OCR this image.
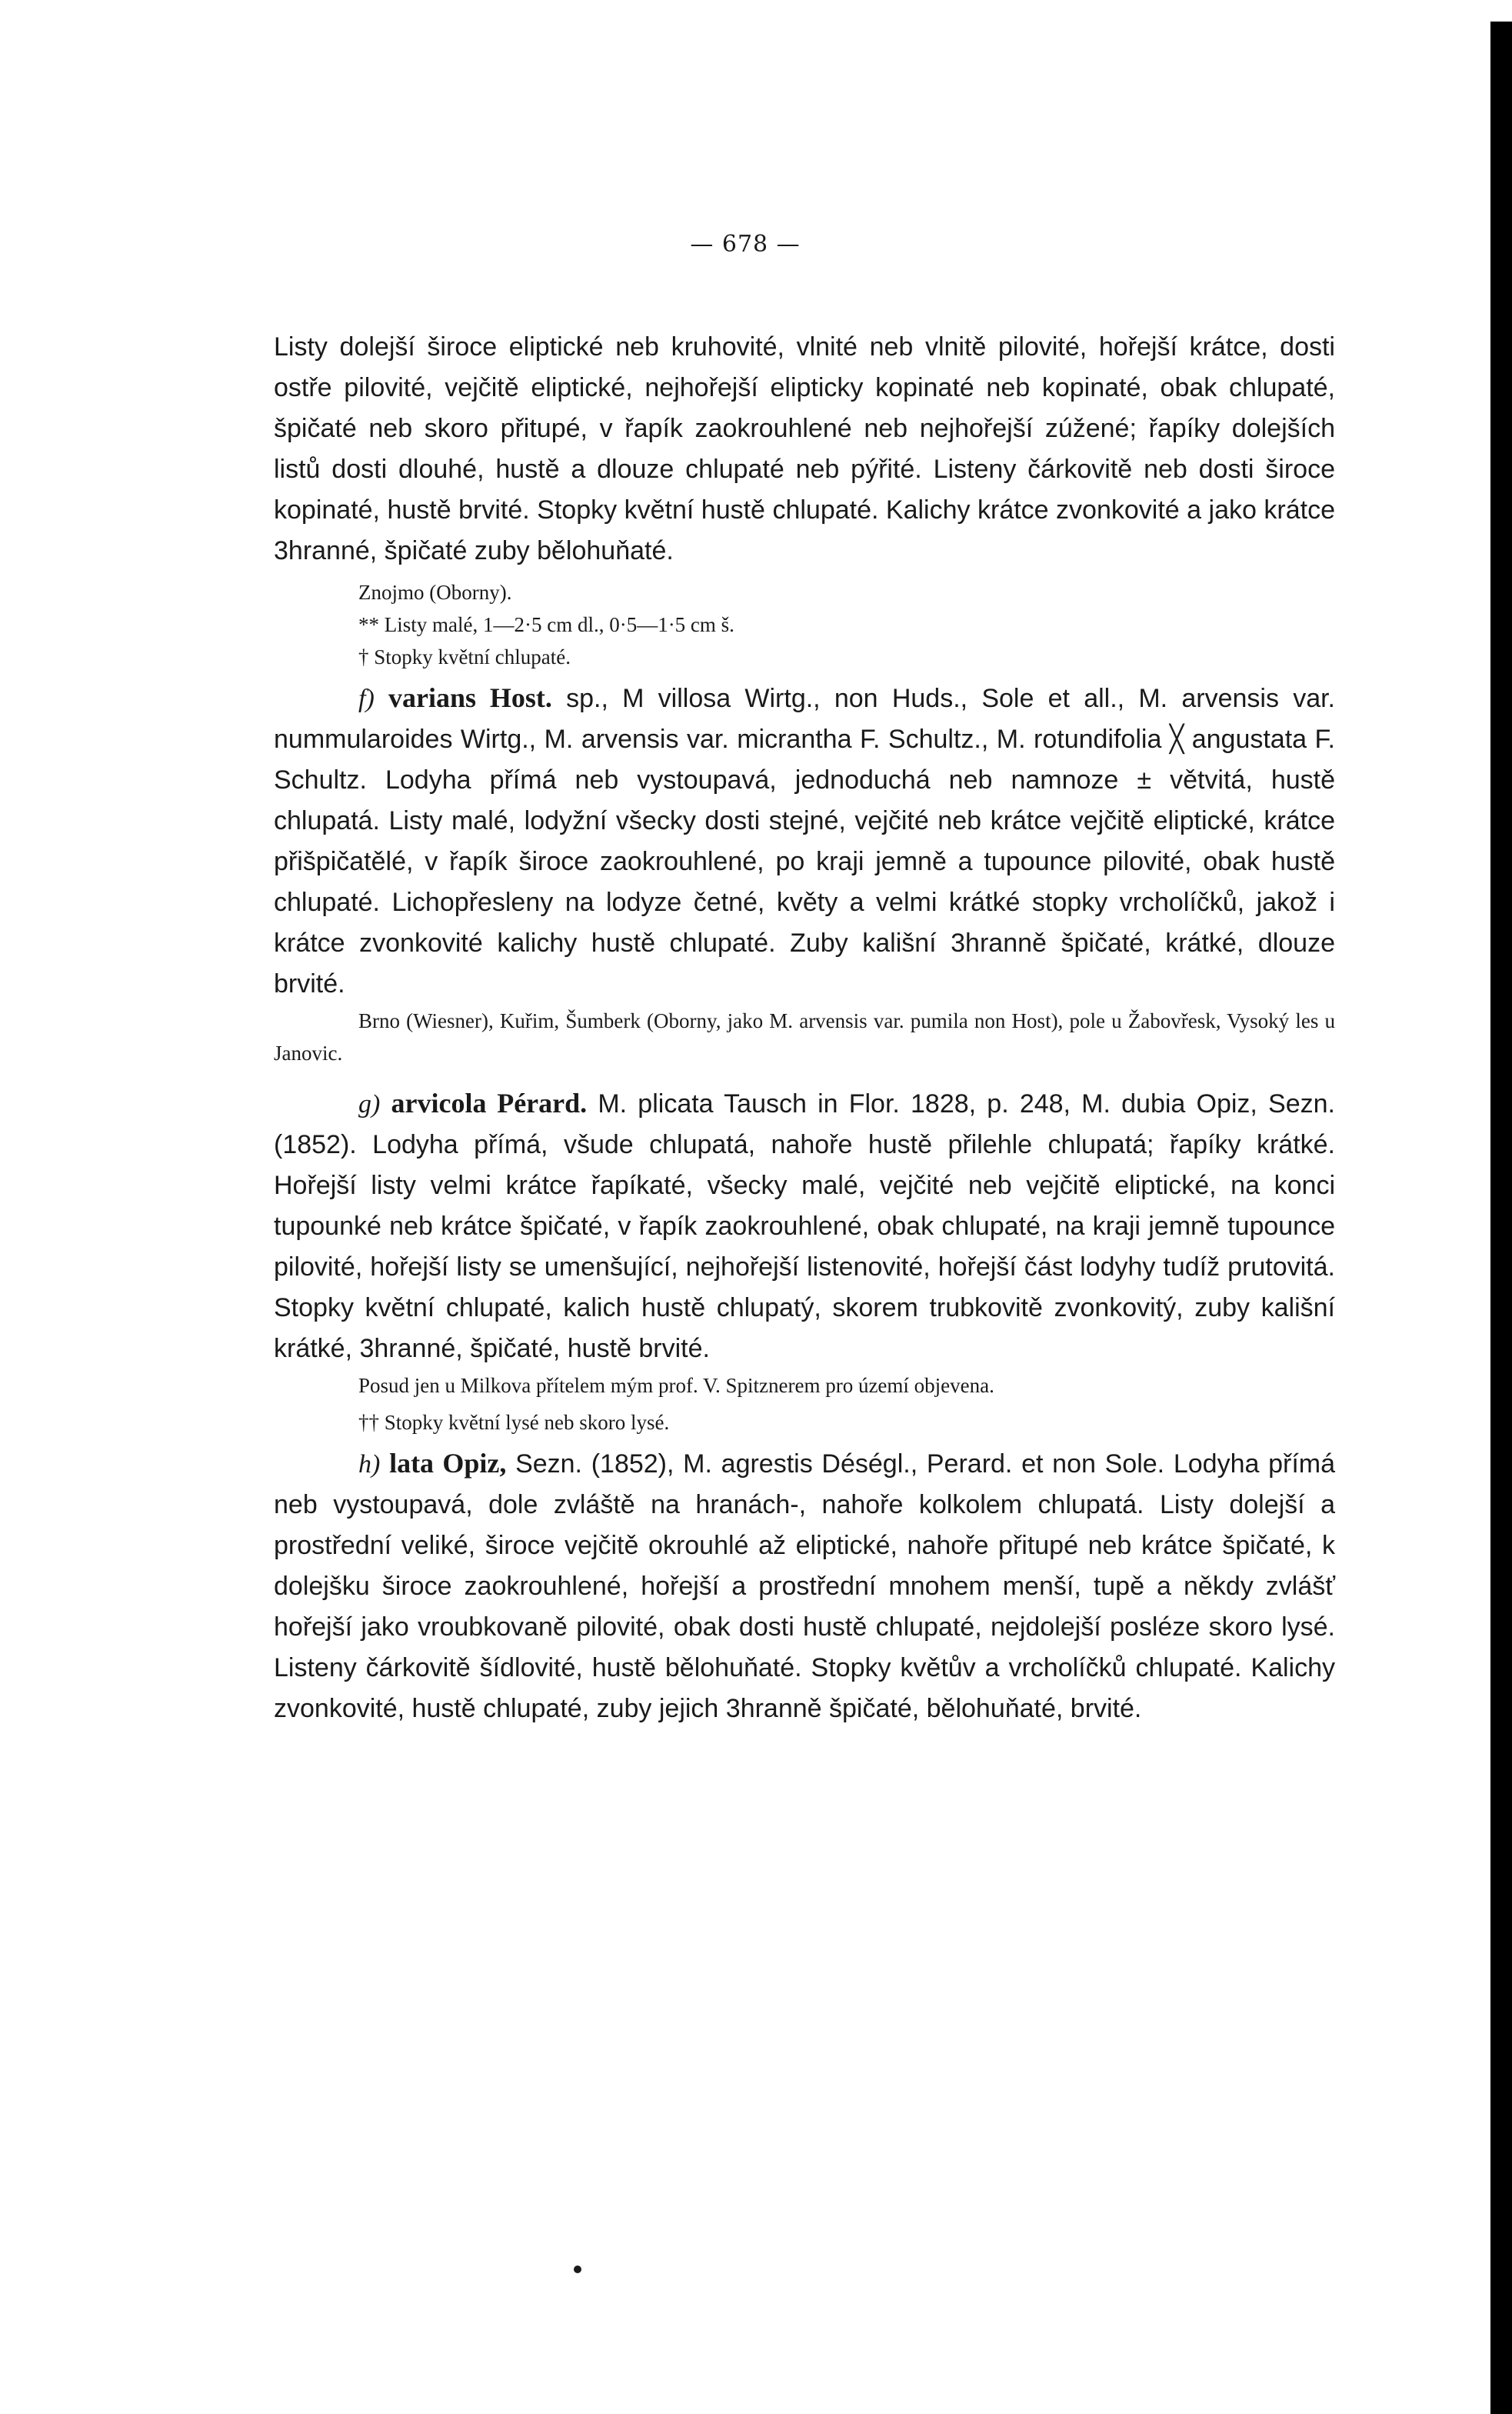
— 678 —

Listy dolejší široce eliptické neb kruhovité, vlnité neb vlnitě pilovité, hořejší krátce, dosti ostře pilovité, vejčitě eliptické, nejhořejší elipticky kopinaté neb kopinaté, obak chlupaté, špičaté neb skoro přitupé, v řapík zaokrouhlené neb nejhořejší zúžené; řapíky dolejších listů dosti dlouhé, hustě a dlouze chlupaté neb pýřité. Listeny čárkovitě neb dosti široce kopinaté, hustě brvité. Stopky květní hustě chlupaté. Kalichy krátce zvonkovité a jako krátce 3hranné, špičaté zuby bělohuňaté.

Znojmo (Oborny).

** Listy malé, 1—2·5 cm dl., 0·5—1·5 cm š.

† Stopky květní chlupaté.

f) varians Host. sp., M villosa Wirtg., non Huds., Sole et all., M. arvensis var. nummularoides Wirtg., M. arvensis var. micrantha F. Schultz., M. rotundifolia ╳ angustata F. Schultz. Lodyha přímá neb vystoupavá, jednoduchá neb namnoze ± větvitá, hustě chlupatá. Listy malé, lodyžní všecky dosti stejné, vejčité neb krátce vejčitě eliptické, krátce přišpičatělé, v řapík široce zaokrouhlené, po kraji jemně a tupounce pilovité, obak hustě chlupaté. Lichopřesleny na lodyze četné, květy a velmi krátké stopky vrcholíčků, jakož i krátce zvonkovité kalichy hustě chlupaté. Zuby kališní 3hranně špičaté, krátké, dlouze brvité.

Brno (Wiesner), Kuřim, Šumberk (Oborny, jako M. arvensis var. pumila non Host), pole u Žabovřesk, Vysoký les u Janovic.

g) arvicola Pérard. M. plicata Tausch in Flor. 1828, p. 248, M. dubia Opiz, Sezn. (1852). Lodyha přímá, všude chlupatá, nahoře hustě přilehle chlupatá; řapíky krátké. Hořejší listy velmi krátce řapíkaté, všecky malé, vejčité neb vejčitě eliptické, na konci tupounké neb krátce špičaté, v řapík zaokrouhlené, obak chlupaté, na kraji jemně tupounce pilovité, hořejší listy se umenšující, nejhořejší listenovité, hořejší část lodyhy tudíž prutovitá. Stopky květní chlupaté, kalich hustě chlupatý, skorem trubkovitě zvonkovitý, zuby kališní krátké, 3hranné, špičaté, hustě brvité.

Posud jen u Milkova přítelem mým prof. V. Spitznerem pro území objevena.

†† Stopky květní lysé neb skoro lysé.

h) lata Opiz, Sezn. (1852), M. agrestis Déségl., Perard. et non Sole. Lodyha přímá neb vystoupavá, dole zvláště na hranách-, nahoře kolkolem chlupatá. Listy dolejší a prostřední veliké, široce vejčitě okrouhlé až eliptické, nahoře přitupé neb krátce špičaté, k dolejšku široce zaokrouhlené, hořejší a prostřední mnohem menší, tupě a někdy zvlášť hořejší jako vroubkovaně pilovité, obak dosti hustě chlupaté, nejdolejší posléze skoro lysé. Listeny čárkovitě šídlovité, hustě bělohuňaté. Stopky květův a vrcholíčků chlupaté. Kalichy zvonkovité, hustě chlupaté, zuby jejich 3hranně špičaté, bělohuňaté, brvité.
